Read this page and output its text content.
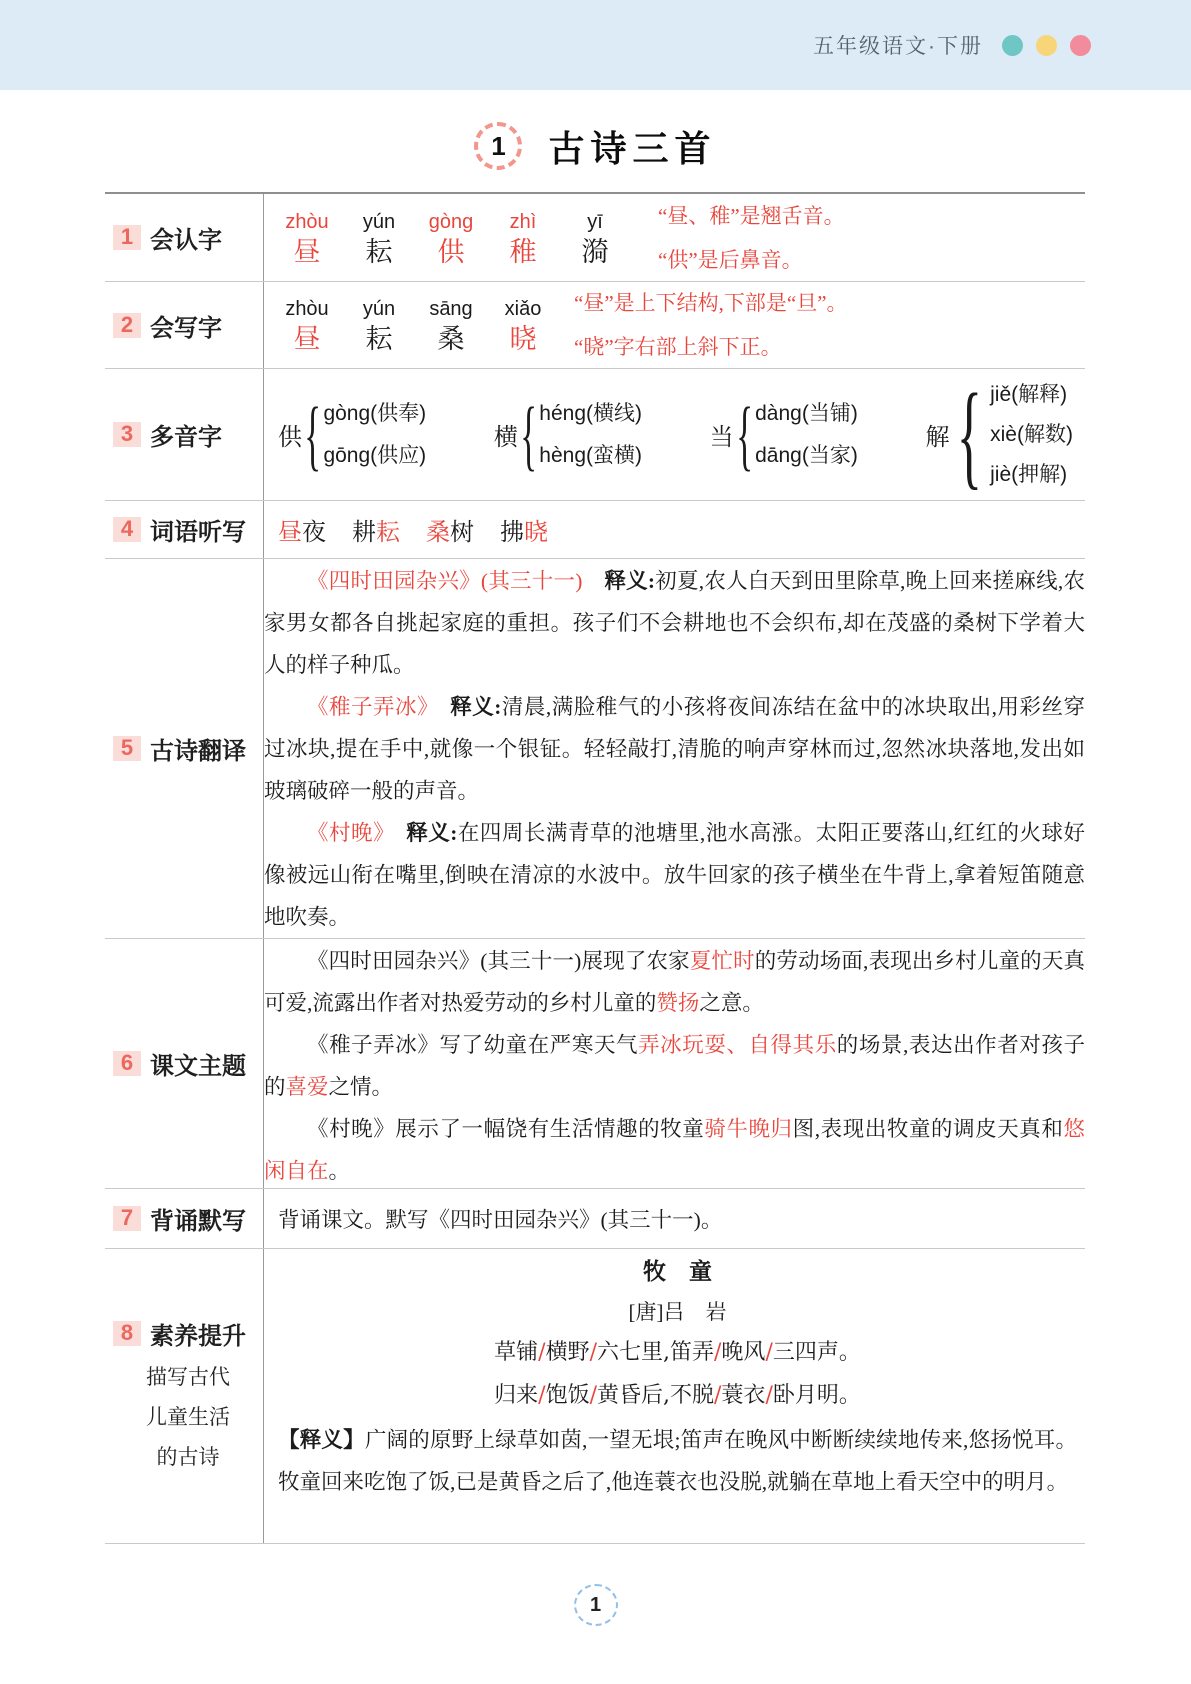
五年级语文·下册
1	古诗三首
1 会认字
zhòu
昼
yún
耘
gòng
供
zhì
稚
yī
漪
“昼、稚”是翘舌音。
“供”是后鼻音。
2 会写字
zhòu
昼
yún
耘
sāng
桑
xiǎo
晓
“昼”是上下结构,下部是“旦”。
“晓”字右部上斜下正。
3 多音字 供 { gòng(供奉)
gōng(供应)
横 { héng(横线)
hèng(蛮横)
当 { dàng(当铺)
dāng(当家)
解 { jiě(解释)
xiè(解数)
jiè(押解)
4 词语听写 昼夜 耕耘 桑树 拂晓
5 古诗翻译
《四时田园杂兴》(其三十一)　 释义:初夏,农人白天到田里除草,晚上回来搓麻线,农家男女都各自挑起家庭的重担。孩子们不会耕地也不会织布,却在茂盛的桑树下学着大人的样子种瓜。
《稚子弄冰》　 释义:清晨,满脸稚气的小孩将夜间冻结在盆中的冰块取出,用彩丝穿过冰块,提在手中,就像一个银钲。轻轻敲打,清脆的响声穿林而过,忽然冰块落地,发出如玻璃破碎一般的声音。
《村晚》　 释义:在四周长满青草的池塘里,池水高涨。太阳正要落山,红红的火球好像被远山衔在嘴里,倒映在清凉的水波中。放牛回家的孩子横坐在牛背上,拿着短笛随意地吹奏。
6 课文主题
《四时田园杂兴》(其三十一)展现了农家夏忙时的劳动场面,表现出乡村儿童的天真可爱,流露出作者对热爱劳动的乡村儿童的赞扬之意。
《稚子弄冰》写了幼童在严寒天气弄冰玩耍、自得其乐的场景,表达出作者对孩子的喜爱之情。
《村晚》展示了一幅饶有生活情趣的牧童骑牛晚归图,表现出牧童的调皮天真和悠闲自在。
7 背诵默写	背诵课文。默写《四时田园杂兴》(其三十一)。
8 素养提升
描写古代
儿童生活
的古诗
牧　童
[唐]吕　岩
草铺/横野/六七里,笛弄/晚风/三四声。
归来/饱饭/黄昏后,不脱/蓑衣/卧月明。
【释义】广阔的原野上绿草如茵,一望无垠;笛声在晚风中断断续续地传来,悠扬悦耳。牧童回来吃饱了饭,已是黄昏之后了,他连蓑衣也没脱,就躺在草地上看天空中的明月。
1
